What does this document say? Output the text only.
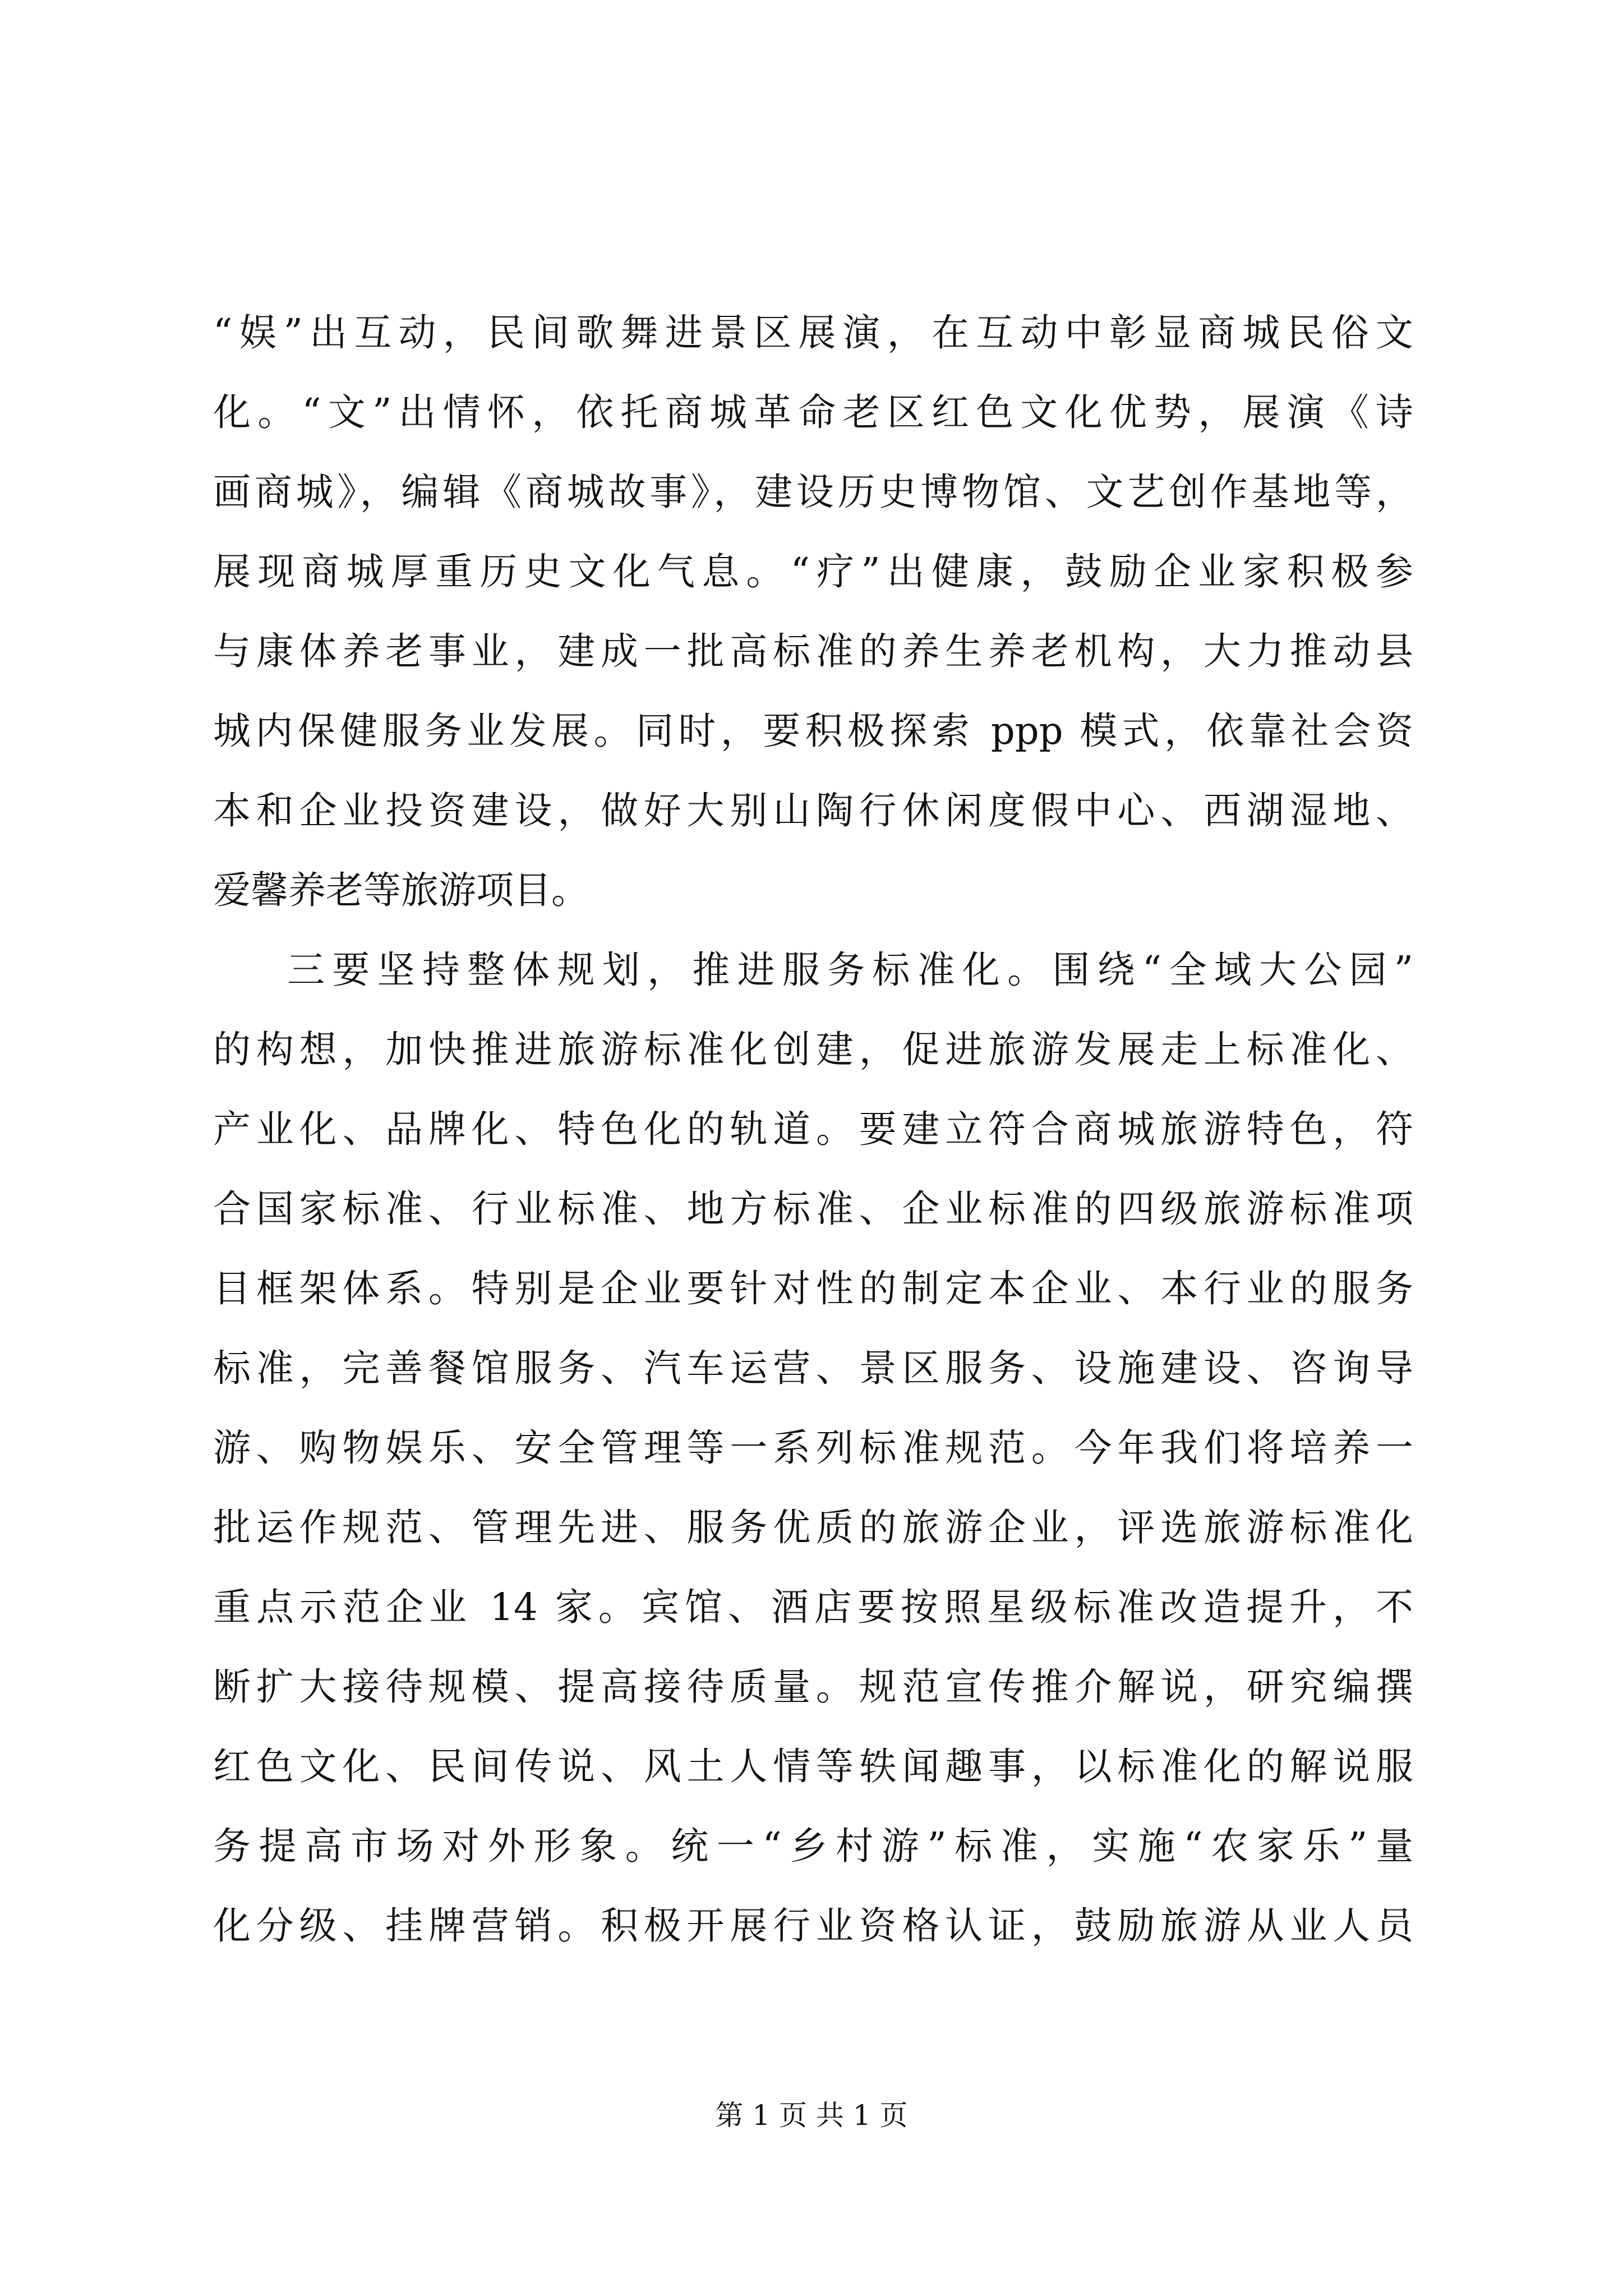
“娱”出互动，民间歌舞进景区展演，在互动中彰显商城民俗文
化。“文”出情怀，依托商城革命老区红色文化优势，展演《诗
画商城》，编辑《商城故事》，建设历史博物馆、文艺创作基地等，
展现商城厚重历史文化气息。“疗”出健康，鼓励企业家积极参
与康体养老事业，建成一批高标准的养生养老机构，大力推动县
城内保健服务业发展。同时，要积极探索 ppp 模式，依靠社会资
本和企业投资建设，做好大别山陶行休闲度假中心、西湖湿地、
爱馨养老等旅游项目。
三要坚持整体规划，推进服务标准化。围绕“全域大公园”
的构想，加快推进旅游标准化创建，促进旅游发展走上标准化、
产业化、品牌化、特色化的轨道。要建立符合商城旅游特色，符
合国家标准、行业标准、地方标准、企业标准的四级旅游标准项
目框架体系。特别是企业要针对性的制定本企业、本行业的服务
标准，完善餐馆服务、汽车运营、景区服务、设施建设、咨询导
游、购物娱乐、安全管理等一系列标准规范。今年我们将培养一
批运作规范、管理先进、服务优质的旅游企业，评选旅游标准化
重点示范企业 14 家。宾馆、酒店要按照星级标准改造提升，不
断扩大接待规模、提高接待质量。规范宣传推介解说，研究编撰
红色文化、民间传说、风土人情等轶闻趣事，以标准化的解说服
务提高市场对外形象。统一“乡村游”标准，实施“农家乐”量
化分级、挂牌营销。积极开展行业资格认证，鼓励旅游从业人员
第 1 页 共 1 页
